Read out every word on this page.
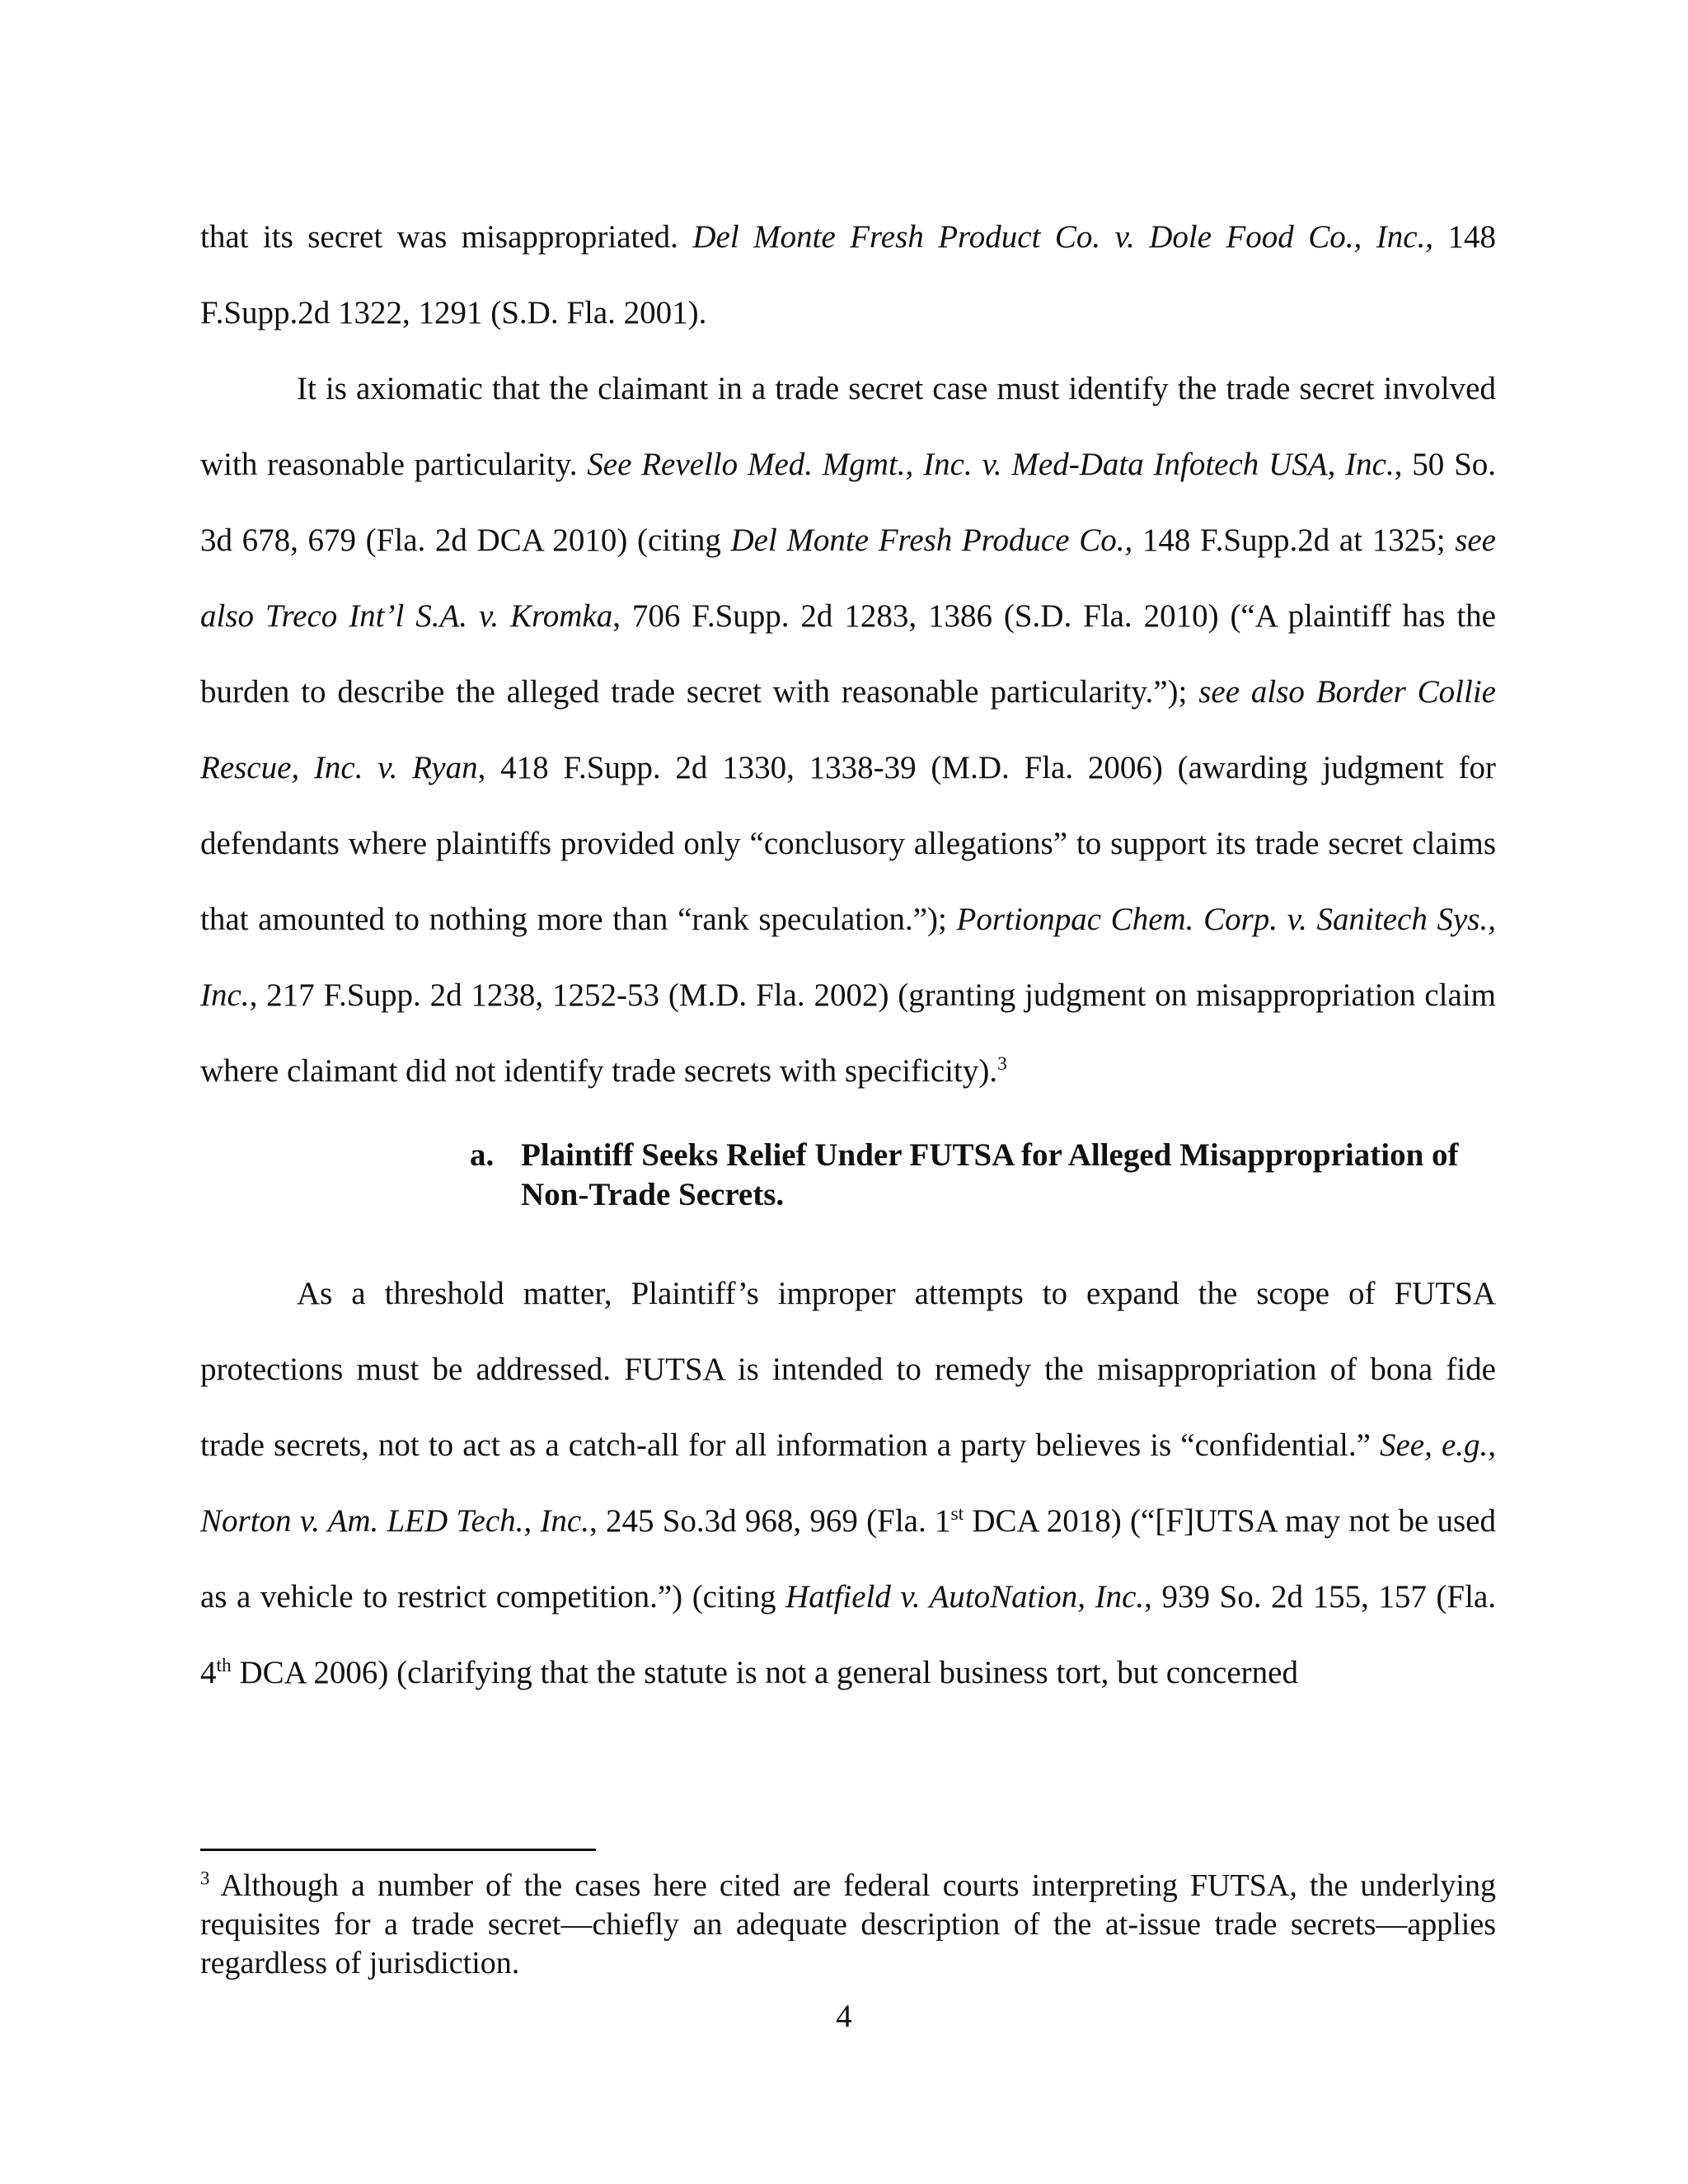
that its secret was misappropriated. Del Monte Fresh Product Co. v. Dole Food Co., Inc., 148 F.Supp.2d 1322, 1291 (S.D. Fla. 2001).

It is axiomatic that the claimant in a trade secret case must identify the trade secret involved with reasonable particularity. See Revello Med. Mgmt., Inc. v. Med-Data Infotech USA, Inc., 50 So. 3d 678, 679 (Fla. 2d DCA 2010) (citing Del Monte Fresh Produce Co., 148 F.Supp.2d at 1325; see also Treco Int’l S.A. v. Kromka, 706 F.Supp. 2d 1283, 1386 (S.D. Fla. 2010) (“A plaintiff has the burden to describe the alleged trade secret with reasonable particularity.”); see also Border Collie Rescue, Inc. v. Ryan, 418 F.Supp. 2d 1330, 1338-39 (M.D. Fla. 2006) (awarding judgment for defendants where plaintiffs provided only “conclusory allegations” to support its trade secret claims that amounted to nothing more than “rank speculation.”); Portionpac Chem. Corp. v. Sanitech Sys., Inc., 217 F.Supp. 2d 1238, 1252-53 (M.D. Fla. 2002) (granting judgment on misappropriation claim where claimant did not identify trade secrets with specificity).$^3$

a. Plaintiff Seeks Relief Under FUTSA for Alleged Misappropriation of Non-Trade Secrets.

As a threshold matter, Plaintiff’s improper attempts to expand the scope of FUTSA protections must be addressed. FUTSA is intended to remedy the misappropriation of bona fide trade secrets, not to act as a catch-all for all information a party believes is “confidential.” See, e.g., Norton v. Am. LED Tech., Inc., 245 So.3d 968, 969 (Fla. 1st DCA 2018) (“[F]UTSA may not be used as a vehicle to restrict competition.”) (citing Hatfield v. AutoNation, Inc., 939 So. 2d 155, 157 (Fla. 4th DCA 2006) (clarifying that the statute is not a general business tort, but concerned

$^3$ Although a number of the cases here cited are federal courts interpreting FUTSA, the underlying requisites for a trade secret—chiefly an adequate description of the at-issue trade secrets—applies regardless of jurisdiction.

4
